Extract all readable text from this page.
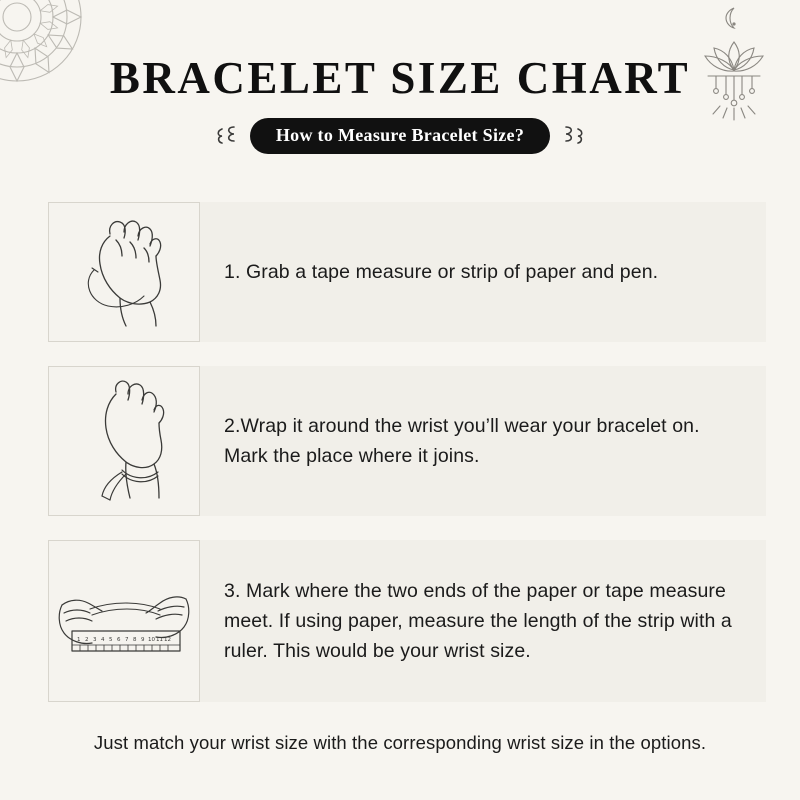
BRACELET SIZE CHART
How to Measure Bracelet Size?

1. Grab a tape measure or strip of paper and pen.

2.Wrap it around the wrist you’ll wear your bracelet on. Mark the place where it joins.

1 2 3 4 5 6 7 8 9 10 11 12

3. Mark where the two ends of the paper or tape measure meet. If using paper, measure the length of the strip with a ruler. This would be your wrist size.

Just match your wrist size with the corresponding wrist size in the options.
